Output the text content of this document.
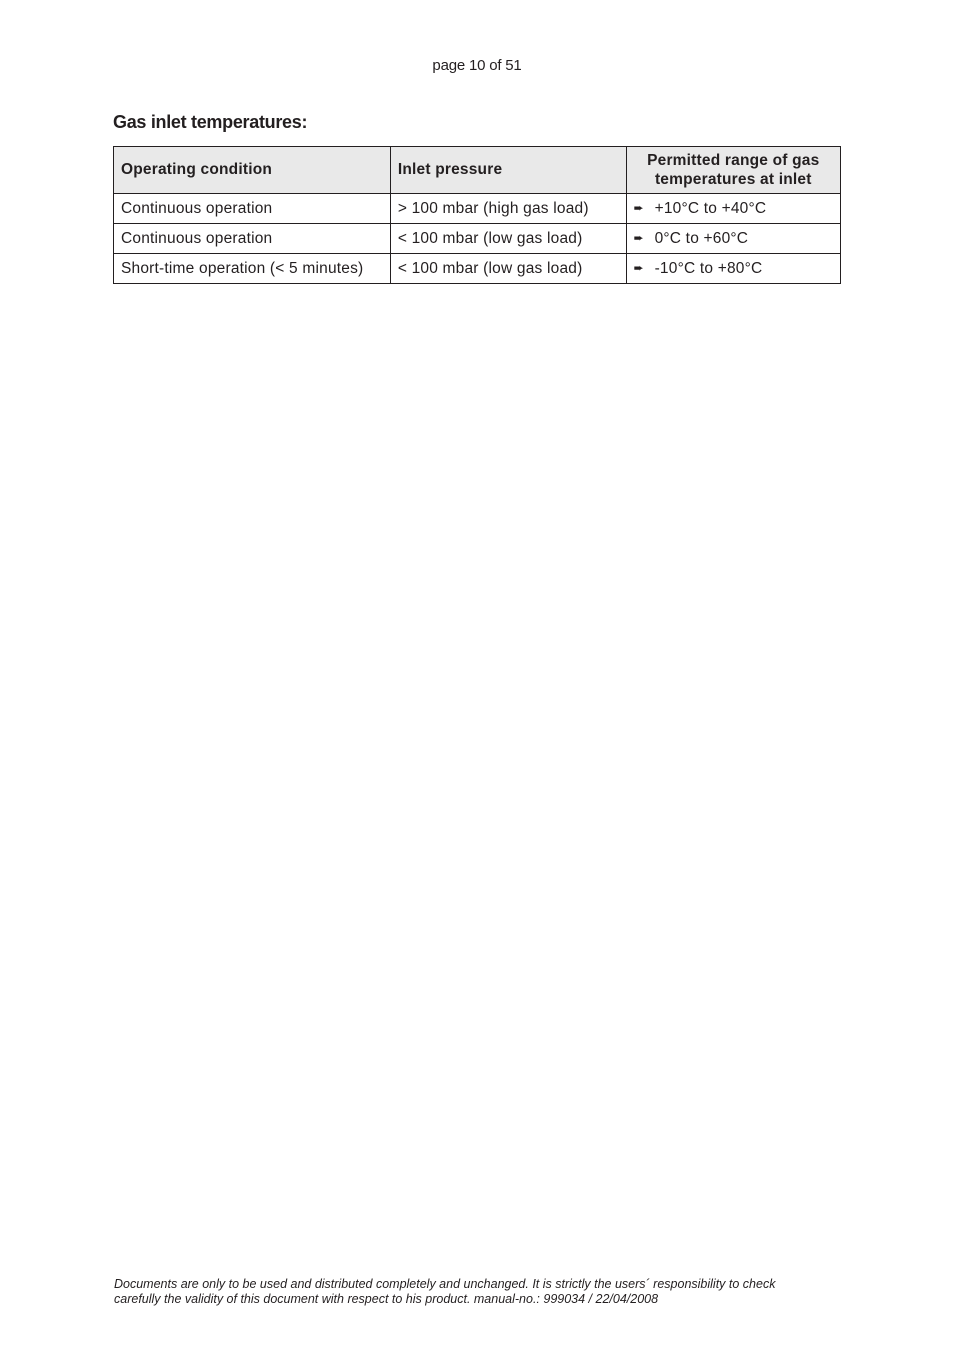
page 10 of 51
Gas inlet temperatures:
Operating condition	Inlet pressure	Permitted range of gas temperatures at inlet
Continuous operation	> 100 mbar (high gas load)	➨ +10°C to +40°C
Continuous operation	< 100 mbar (low gas load)	➨ 0°C to +60°C
Short-time operation (< 5 minutes)	< 100 mbar (low gas load)	➨ -10°C to +80°C
Documents are only to be used and distributed completely and unchanged. It is strictly the users´ responsibility to check
carefully the validity of this document with respect to his product. manual-no.: 999034 / 22/04/2008
